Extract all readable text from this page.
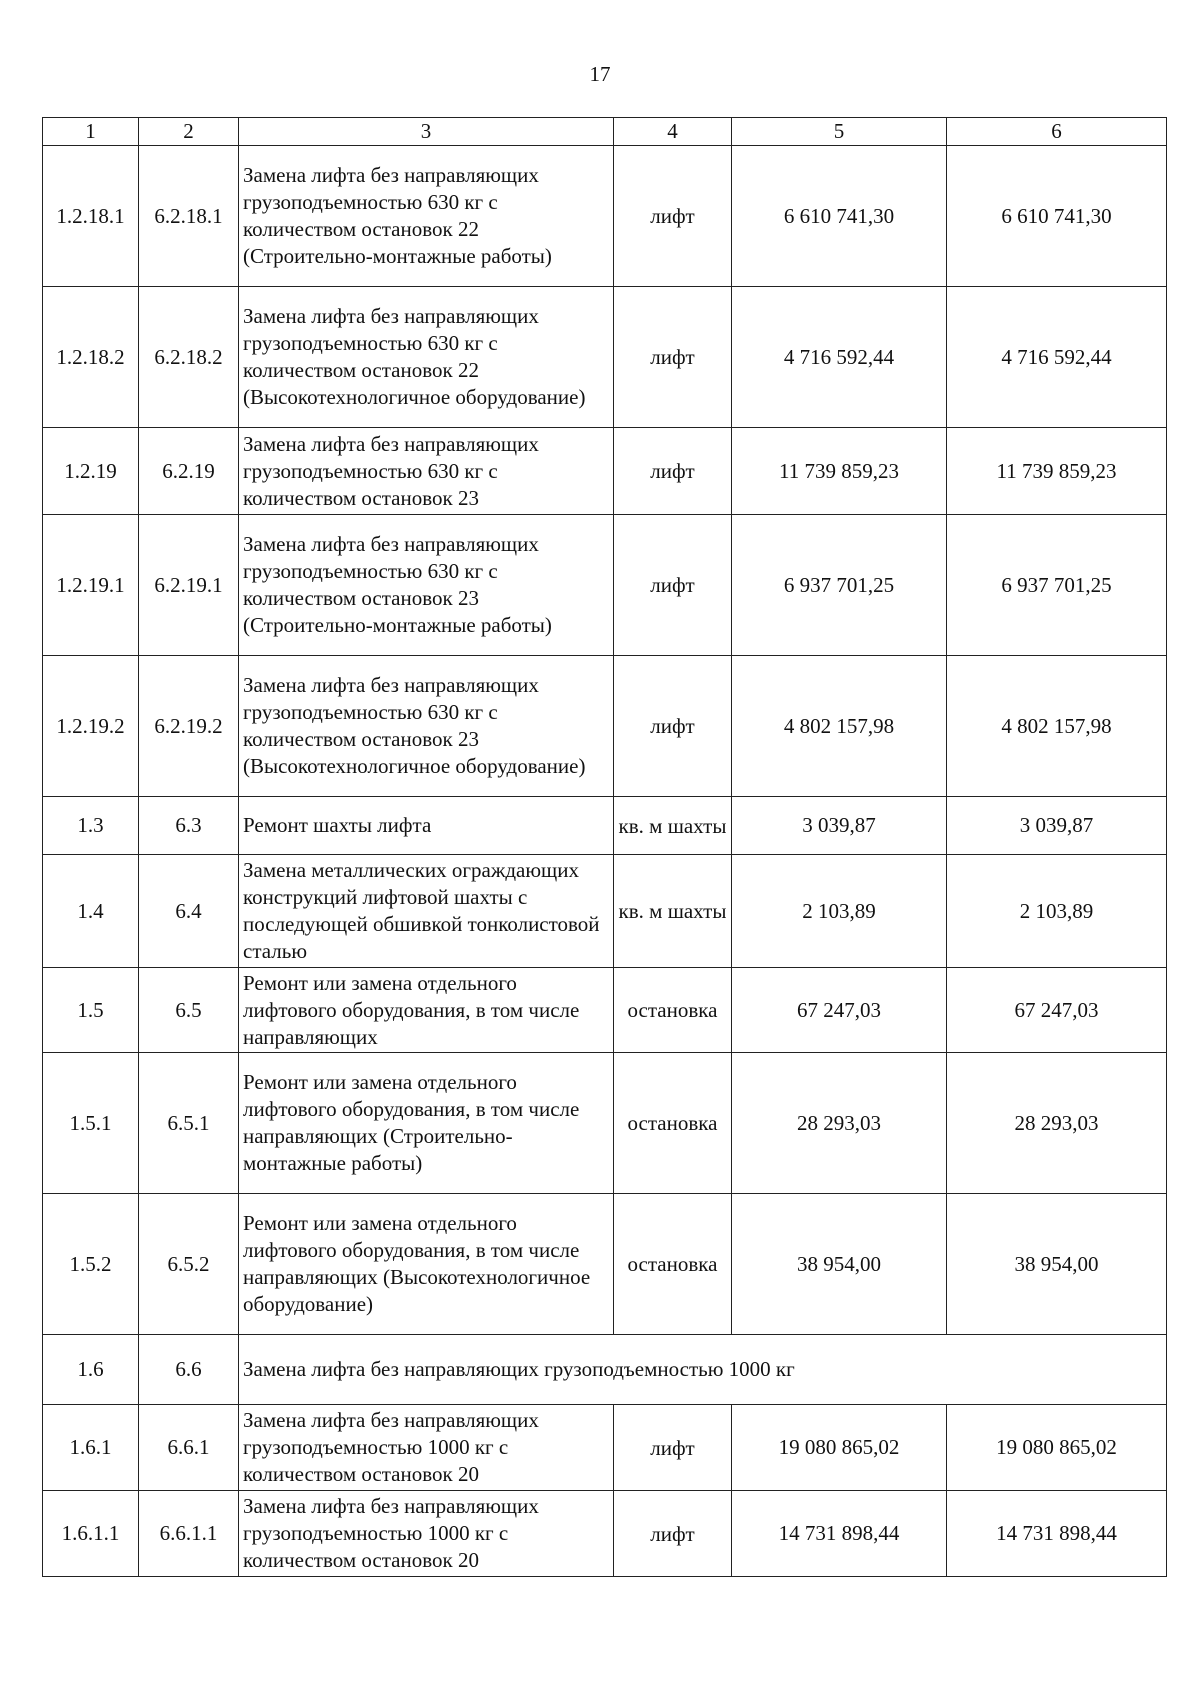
17
1	2	3	4	5	6
1.2.18.1	6.2.18.1	Замена лифта без направляющих грузоподъемностью 630 кг с количеством остановок 22 (Строительно-монтажные работы)	лифт	6 610 741,30	6 610 741,30
1.2.18.2	6.2.18.2	Замена лифта без направляющих грузоподъемностью 630 кг с количеством остановок 22 (Высокотехнологичное оборудование)	лифт	4 716 592,44	4 716 592,44
1.2.19	6.2.19	Замена лифта без направляющих грузоподъемностью 630 кг с количеством остановок 23	лифт	11 739 859,23	11 739 859,23
1.2.19.1	6.2.19.1	Замена лифта без направляющих грузоподъемностью 630 кг с количеством остановок 23 (Строительно-монтажные работы)	лифт	6 937 701,25	6 937 701,25
1.2.19.2	6.2.19.2	Замена лифта без направляющих грузоподъемностью 630 кг с количеством остановок 23 (Высокотехнологичное оборудование)	лифт	4 802 157,98	4 802 157,98
1.3	6.3	Ремонт шахты лифта	кв. м шахты	3 039,87	3 039,87
1.4	6.4	Замена металлических ограждающих конструкций лифтовой шахты с последующей обшивкой тонколистовой сталью	кв. м шахты	2 103,89	2 103,89
1.5	6.5	Ремонт или замена отдельного лифтового оборудования, в том числе направляющих	остановка	67 247,03	67 247,03
1.5.1	6.5.1	Ремонт или замена отдельного лифтового оборудования, в том числе направляющих (Строительно-монтажные работы)	остановка	28 293,03	28 293,03
1.5.2	6.5.2	Ремонт или замена отдельного лифтового оборудования, в том числе направляющих (Высокотехнологичное оборудование)	остановка	38 954,00	38 954,00
1.6	6.6	Замена лифта без направляющих грузоподъемностью 1000 кг			
1.6.1	6.6.1	Замена лифта без направляющих грузоподъемностью 1000 кг с количеством остановок 20	лифт	19 080 865,02	19 080 865,02
1.6.1.1	6.6.1.1	Замена лифта без направляющих грузоподъемностью 1000 кг с количеством остановок 20	лифт	14 731 898,44	14 731 898,44
